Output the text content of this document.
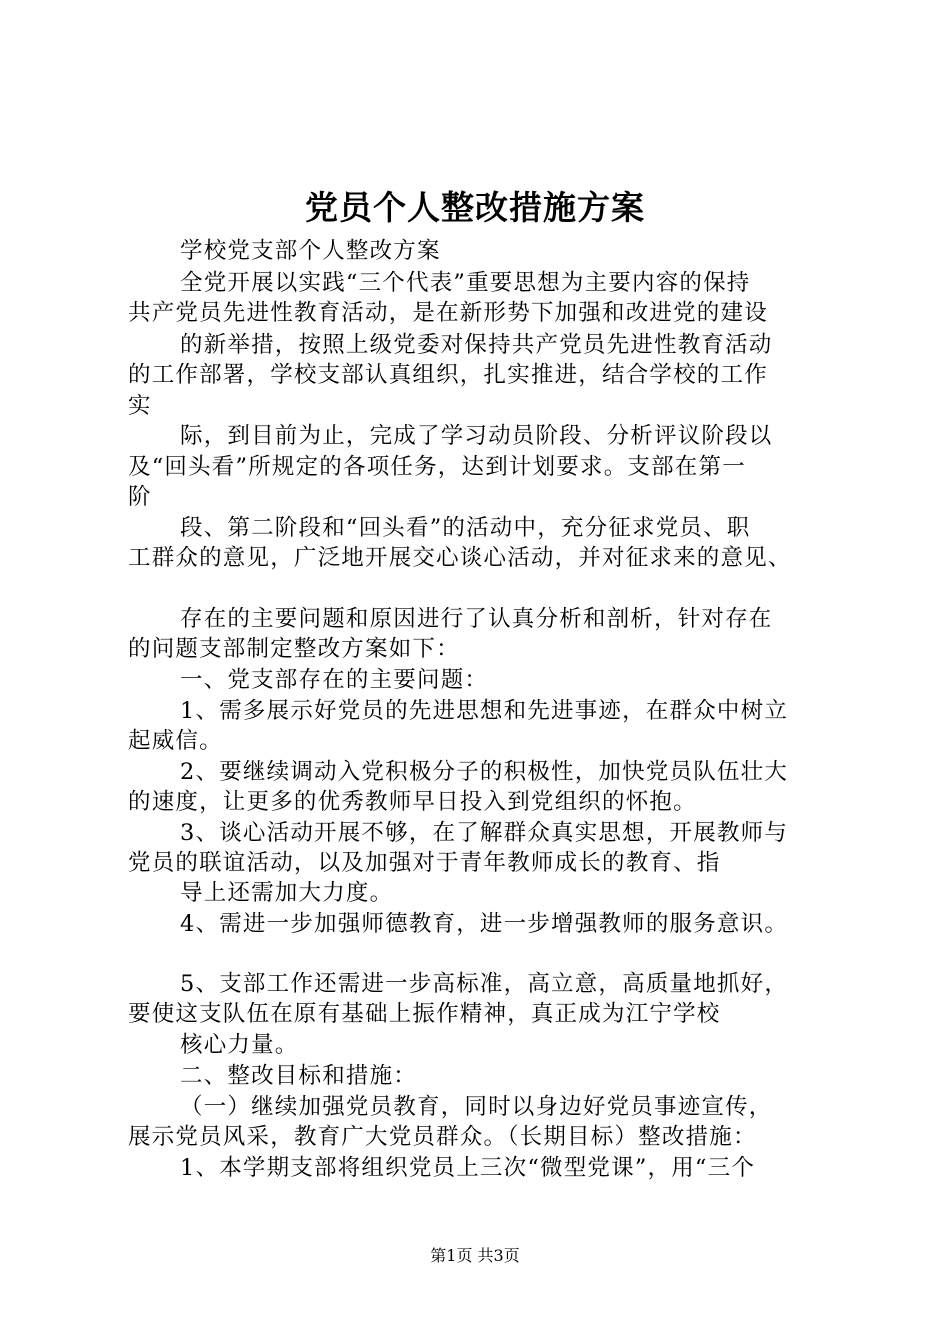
党员个人整改措施方案

学校党支部个人整改方案

全党开展以实践“三个代表”重要思想为主要内容的保持

共产党员先进性教育活动，是在新形势下加强和改进党的建设

的新举措，按照上级党委对保持共产党员先进性教育活动

的工作部署，学校支部认真组织，扎实推进，结合学校的工作

实

际，到目前为止，完成了学习动员阶段、分析评议阶段以

及“回头看”所规定的各项任务，达到计划要求。支部在第一

阶

段、第二阶段和“回头看”的活动中，充分征求党员、职

工群众的意见，广泛地开展交心谈心活动，并对征求来的意见、

存在的主要问题和原因进行了认真分析和剖析，针对存在

的问题支部制定整改方案如下：

一、党支部存在的主要问题：

1、需多展示好党员的先进思想和先进事迹，在群众中树立

起威信。

2、要继续调动入党积极分子的积极性，加快党员队伍壮大

的速度，让更多的优秀教师早日投入到党组织的怀抱。

3、谈心活动开展不够，在了解群众真实思想，开展教师与

党员的联谊活动，以及加强对于青年教师成长的教育、指

导上还需加大力度。

4、需进一步加强师德教育，进一步增强教师的服务意识。

5、支部工作还需进一步高标准，高立意，高质量地抓好，

要使这支队伍在原有基础上振作精神，真正成为江宁学校

核心力量。

二、整改目标和措施：

（一）继续加强党员教育，同时以身边好党员事迹宣传，

展示党员风采，教育广大党员群众。（长期目标）整改措施：

1、本学期支部将组织党员上三次“微型党课”，用“三个

第1页 共3页
